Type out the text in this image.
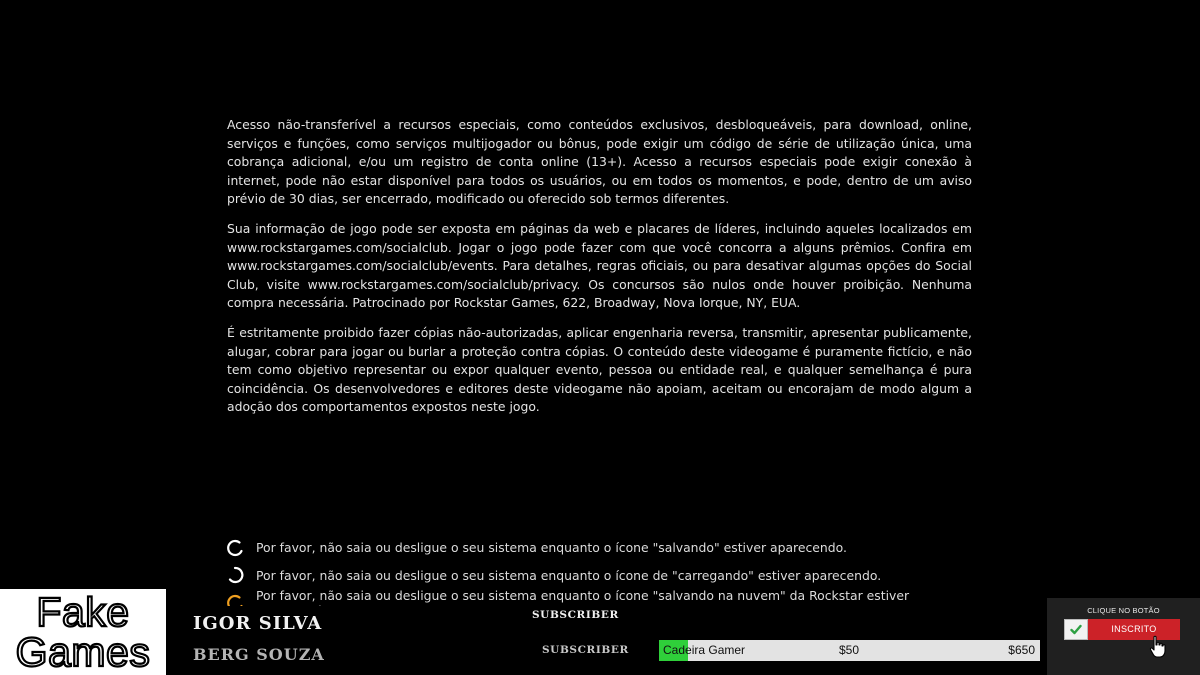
Acesso não-transferível a recursos especiais, como conteúdos exclusivos, desbloqueáveis, para download, online, serviços e funções, como serviços multijogador ou bônus, pode exigir um código de série de utilização única, uma cobrança adicional, e/ou um registro de conta online (13+). Acesso a recursos especiais pode exigir conexão à internet, pode não estar disponível para todos os usuários, ou em todos os momentos, e pode, dentro de um aviso prévio de 30 dias, ser encerrado, modificado ou oferecido sob termos diferentes.

Sua informação de jogo pode ser exposta em páginas da web e placares de líderes, incluindo aqueles localizados em www.rockstargames.com/socialclub. Jogar o jogo pode fazer com que você concorra a alguns prêmios. Confira em www.rockstargames.com/socialclub/events. Para detalhes, regras oficiais, ou para desativar algumas opções do Social Club, visite www.rockstargames.com/socialclub/privacy. Os concursos são nulos onde houver proibição. Nenhuma compra necessária. Patrocinado por Rockstar Games, 622, Broadway, Nova Iorque, NY, EUA.

É estritamente proibido fazer cópias não-autorizadas, aplicar engenharia reversa, transmitir, apresentar publicamente, alugar, cobrar para jogar ou burlar a proteção contra cópias. O conteúdo deste videogame é puramente fictício, e não tem como objetivo representar ou expor qualquer evento, pessoa ou entidade real, e qualquer semelhança é pura coincidência. Os desenvolvedores e editores deste videogame não apoiam, aceitam ou encorajam de modo algum a adoção dos comportamentos expostos neste jogo.

Por favor, não saia ou desligue o seu sistema enquanto o ícone "salvando" estiver aparecendo.
Por favor, não saia ou desligue o seu sistema enquanto o ícone de "carregando" estiver aparecendo.
Por favor, não saia ou desligue o seu sistema enquanto o ícone "salvando na nuvem" da Rockstar estiver
Fake
Games
IGOR SILVA
BERG SOUZA
SUBSCRIBER
SUBSCRIBER	Cadeira Gamer	$50	$650
CLIQUE NO BOTÃO
INSCRITO
